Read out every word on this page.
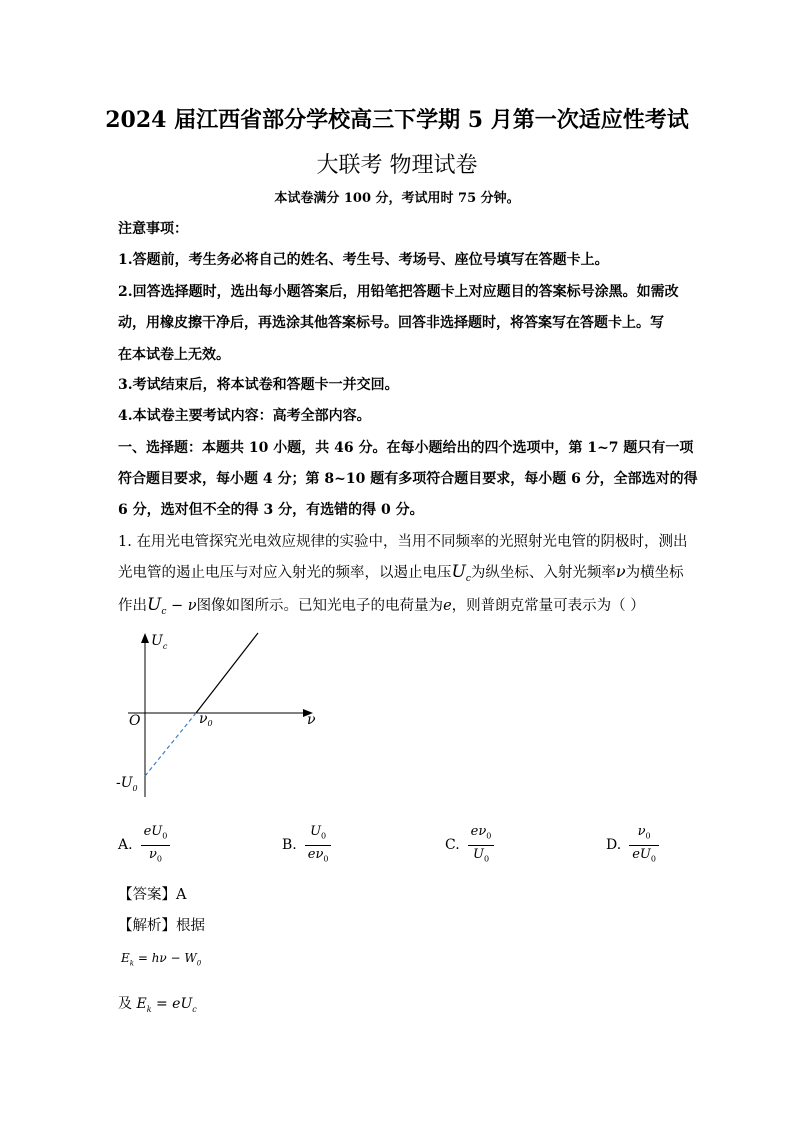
2024 届江西省部分学校高三下学期 5 月第一次适应性考试
大联考 物理试卷
本试卷满分 100 分，考试用时 75 分钟。
注意事项：
1.答题前，考生务必将自己的姓名、考生号、考场号、座位号填写在答题卡上。
2.回答选择题时，选出每小题答案后，用铅笔把答题卡上对应题目的答案标号涂黑。如需改
动，用橡皮擦干净后，再选涂其他答案标号。回答非选择题时，将答案写在答题卡上。写
在本试卷上无效。
3.考试结束后，将本试卷和答题卡一并交回。
4.本试卷主要考试内容：高考全部内容。
一、选择题：本题共 10 小题，共 46 分。在每小题给出的四个选项中，第 1~7 题只有一项
符合题目要求，每小题 4 分；第 8~10 题有多项符合题目要求，每小题 6 分，全部选对的得
6 分，选对但不全的得 3 分，有选错的得 0 分。
1. 在用光电管探究光电效应规律的实验中，当用不同频率的光照射光电管的阴极时，测出
光电管的遏止电压与对应入射光的频率，以遏止电压$U_c$为纵坐标、入射光频率ν为横坐标
作出$U_c - \nu$图像如图所示。已知光电子的电荷量为e，则普朗克常量可表示为（ ）
$U_c$
O	ν
$\nu_0$
$-U_0$
A. $\frac{eU_0}{\nu_0}$	B. $\frac{U_0}{e\nu_0}$	C. $\frac{e\nu_0}{U_0}$	D. $\frac{\nu_0}{eU_0}$
【答案】A
【解析】根据
$E_k = h\nu - W_0$
及 $E_k = eU_c$
